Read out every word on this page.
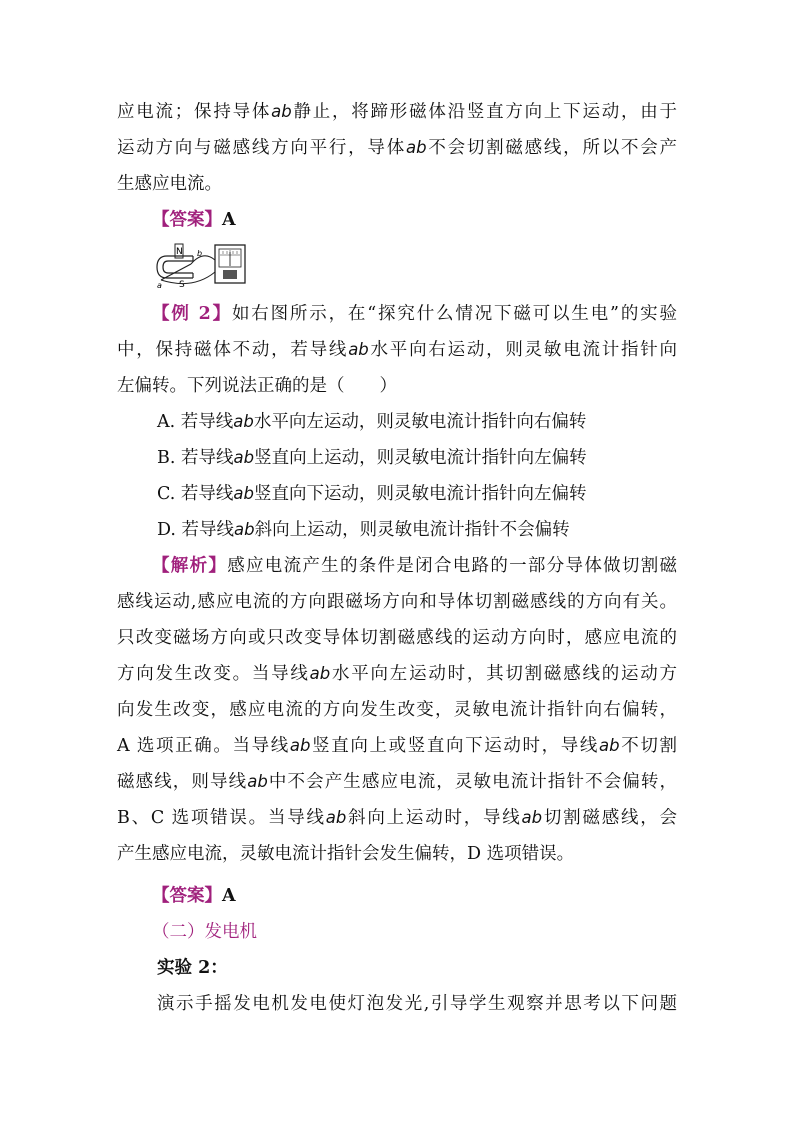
应电流；保持导体ab静止，将蹄形磁体沿竖直方向上下运动，由于
运动方向与磁感线方向平行，导体ab不会切割磁感线，所以不会产
生感应电流。
【答案】A
N
S
a
b
【例 2】如右图所示，在“探究什么情况下磁可以生电”的实验
中，保持磁体不动，若导线ab水平向右运动，则灵敏电流计指针向
左偏转。下列说法正确的是（　　）
A. 若导线ab水平向左运动，则灵敏电流计指针向右偏转
B. 若导线ab竖直向上运动，则灵敏电流计指针向左偏转
C. 若导线ab竖直向下运动，则灵敏电流计指针向左偏转
D. 若导线ab斜向上运动，则灵敏电流计指针不会偏转
【解析】感应电流产生的条件是闭合电路的一部分导体做切割磁
感线运动,感应电流的方向跟磁场方向和导体切割磁感线的方向有关。
只改变磁场方向或只改变导体切割磁感线的运动方向时，感应电流的
方向发生改变。当导线ab水平向左运动时，其切割磁感线的运动方
向发生改变，感应电流的方向发生改变，灵敏电流计指针向右偏转，
A 选项正确。当导线ab竖直向上或竖直向下运动时，导线ab不切割
磁感线，则导线ab中不会产生感应电流，灵敏电流计指针不会偏转，
B、C 选项错误。当导线ab斜向上运动时，导线ab切割磁感线，会
产生感应电流，灵敏电流计指针会发生偏转，D 选项错误。
【答案】A
（二）发电机
实验 2：
演示手摇发电机发电使灯泡发光,引导学生观察并思考以下问题
